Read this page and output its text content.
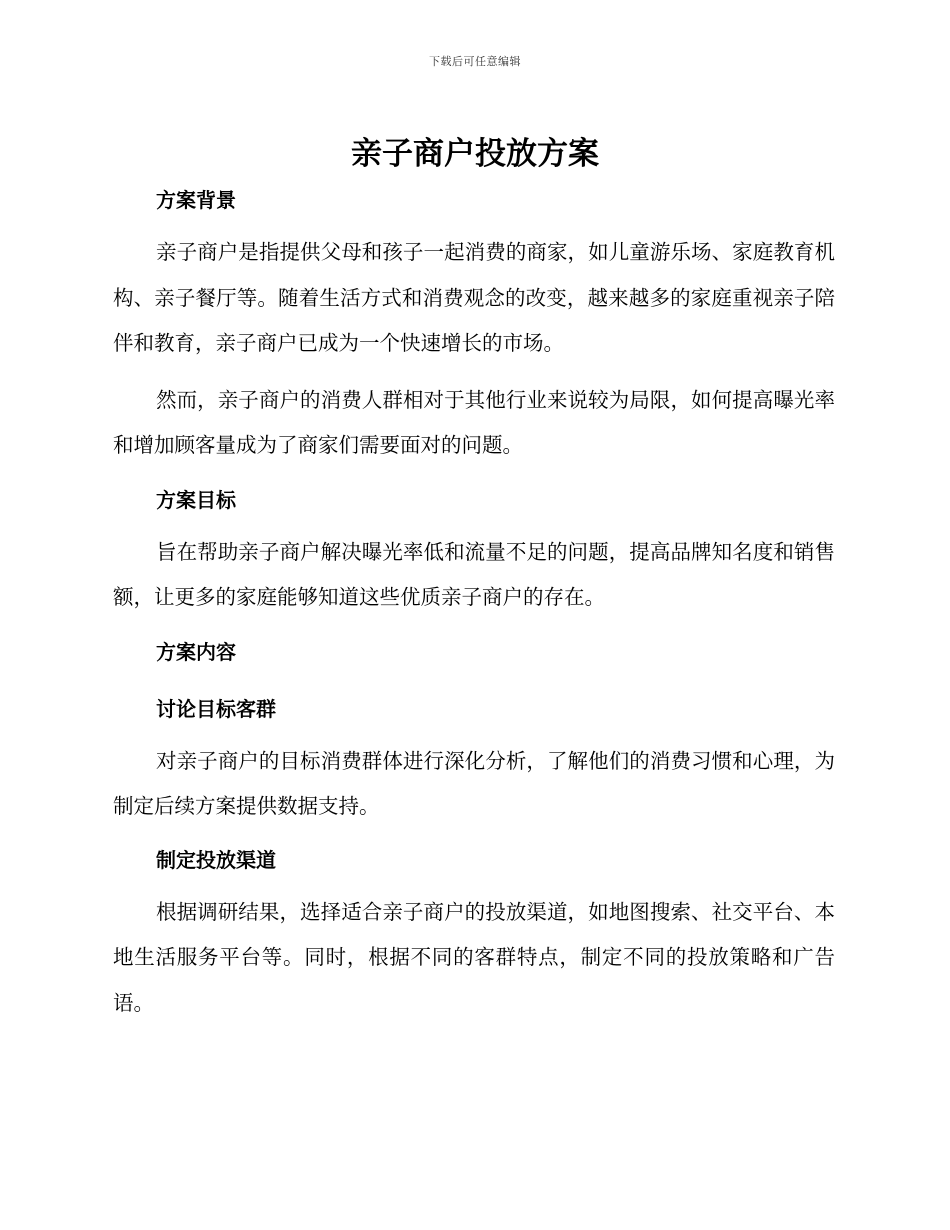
下载后可任意编辑
亲子商户投放方案

方案背景

亲子商户是指提供父母和孩子一起消费的商家，如儿童游乐场、家庭教育机构、亲子餐厅等。随着生活方式和消费观念的改变，越来越多的家庭重视亲子陪伴和教育，亲子商户已成为一个快速增长的市场。

然而，亲子商户的消费人群相对于其他行业来说较为局限，如何提高曝光率和增加顾客量成为了商家们需要面对的问题。

方案目标

旨在帮助亲子商户解决曝光率低和流量不足的问题，提高品牌知名度和销售额，让更多的家庭能够知道这些优质亲子商户的存在。

方案内容

讨论目标客群

对亲子商户的目标消费群体进行深化分析，了解他们的消费习惯和心理，为制定后续方案提供数据支持。

制定投放渠道

根据调研结果，选择适合亲子商户的投放渠道，如地图搜索、社交平台、本地生活服务平台等。同时，根据不同的客群特点，制定不同的投放策略和广告语。
